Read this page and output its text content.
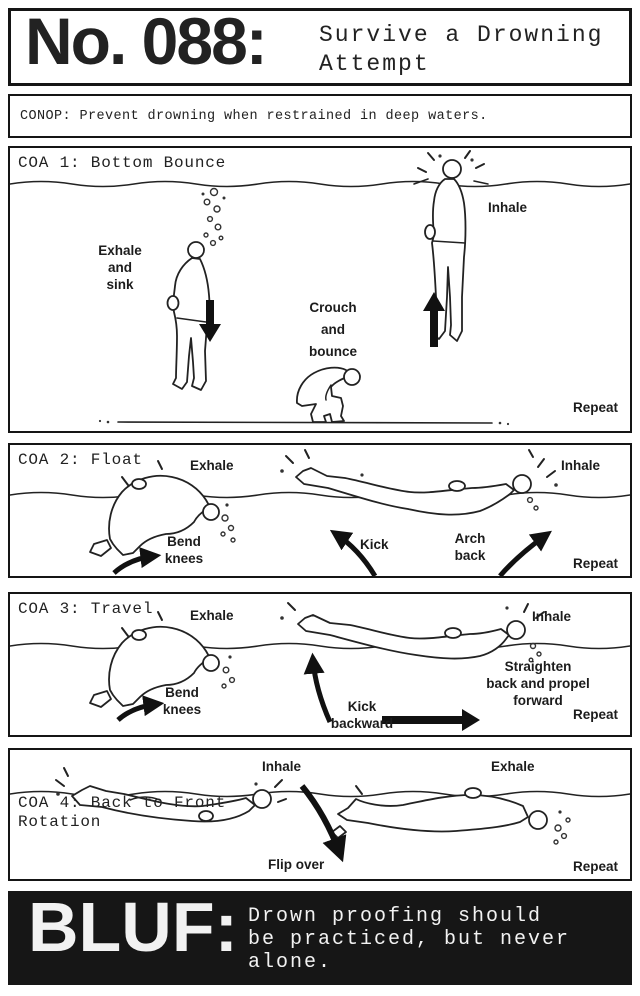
No. 088: Survive a Drowning
Attempt
CONOP: Prevent drowning when restrained in deep waters.
COA 1: Bottom Bounce
Exhale
and
sink
Crouch
and
bounce
Inhale
Repeat
COA 2: Float	Exhale	Inhale
Bend
knees
Kick	Arch
back
Repeat
COA 3: Travel	Exhale	Inhale
Bend
knees	Kick
backward
Straighten
back and propel
forward
Repeat

COA 4: Back to Front
Rotation

Inhale	Exhale
Flip over	Repeat
BLUF: Drown proofing should
be practiced, but never
alone.
